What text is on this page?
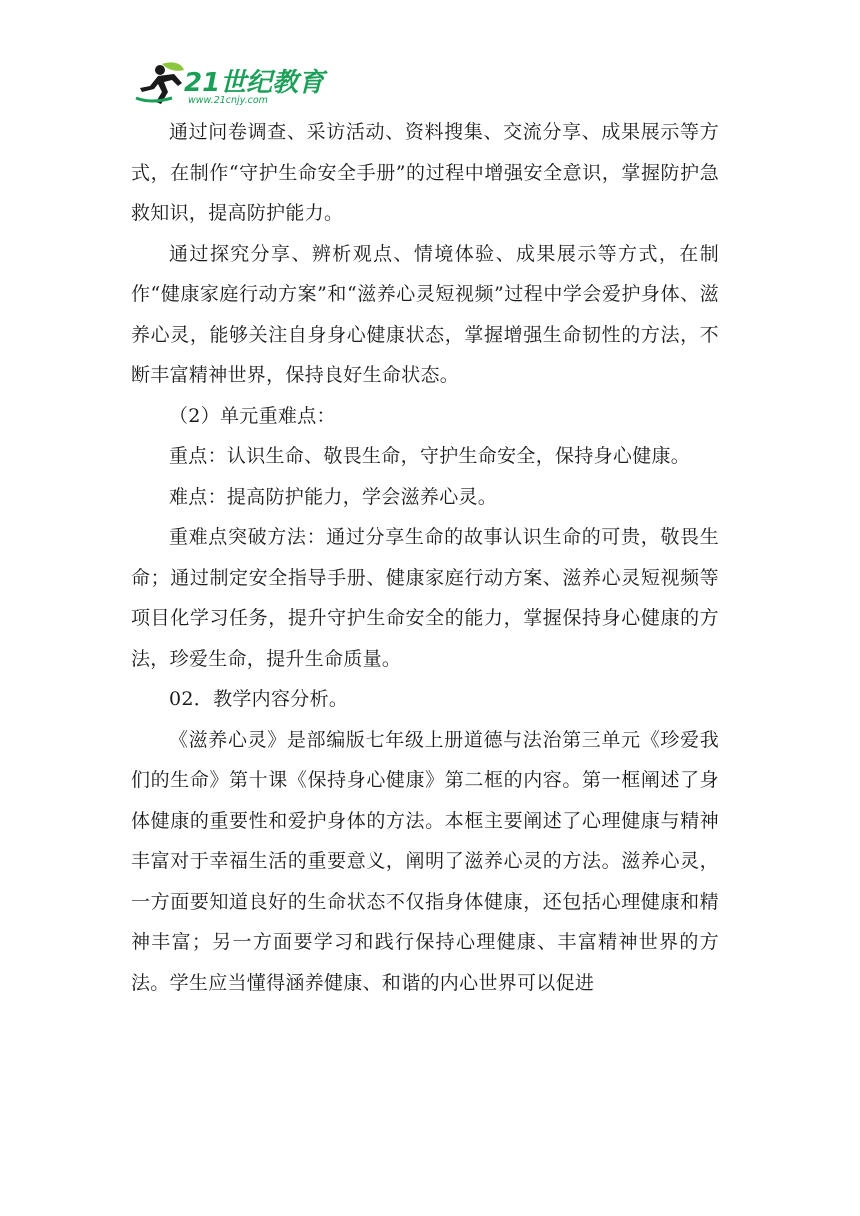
21世纪教育
www.21cnjy.com

通过问卷调查、采访活动、资料搜集、交流分享、成果展示等方式，在制作“守护生命安全手册”的过程中增强安全意识，掌握防护急救知识，提高防护能力。

通过探究分享、辨析观点、情境体验、成果展示等方式，在制作“健康家庭行动方案”和“滋养心灵短视频”过程中学会爱护身体、滋养心灵，能够关注自身身心健康状态，掌握增强生命韧性的方法，不断丰富精神世界，保持良好生命状态。

（2）单元重难点：

重点：认识生命、敬畏生命，守护生命安全，保持身心健康。

难点：提高防护能力，学会滋养心灵。

重难点突破方法：通过分享生命的故事认识生命的可贵，敬畏生命；通过制定安全指导手册、健康家庭行动方案、滋养心灵短视频等项目化学习任务，提升守护生命安全的能力，掌握保持身心健康的方法，珍爱生命，提升生命质量。

02．教学内容分析。

《滋养心灵》是部编版七年级上册道德与法治第三单元《珍爱我们的生命》第十课《保持身心健康》第二框的内容。第一框阐述了身体健康的重要性和爱护身体的方法。本框主要阐述了心理健康与精神丰富对于幸福生活的重要意义，阐明了滋养心灵的方法。滋养心灵，一方面要知道良好的生命状态不仅指身体健康，还包括心理健康和精神丰富；另一方面要学习和践行保持心理健康、丰富精神世界的方法。学生应当懂得涵养健康、和谐的内心世界可以促进
